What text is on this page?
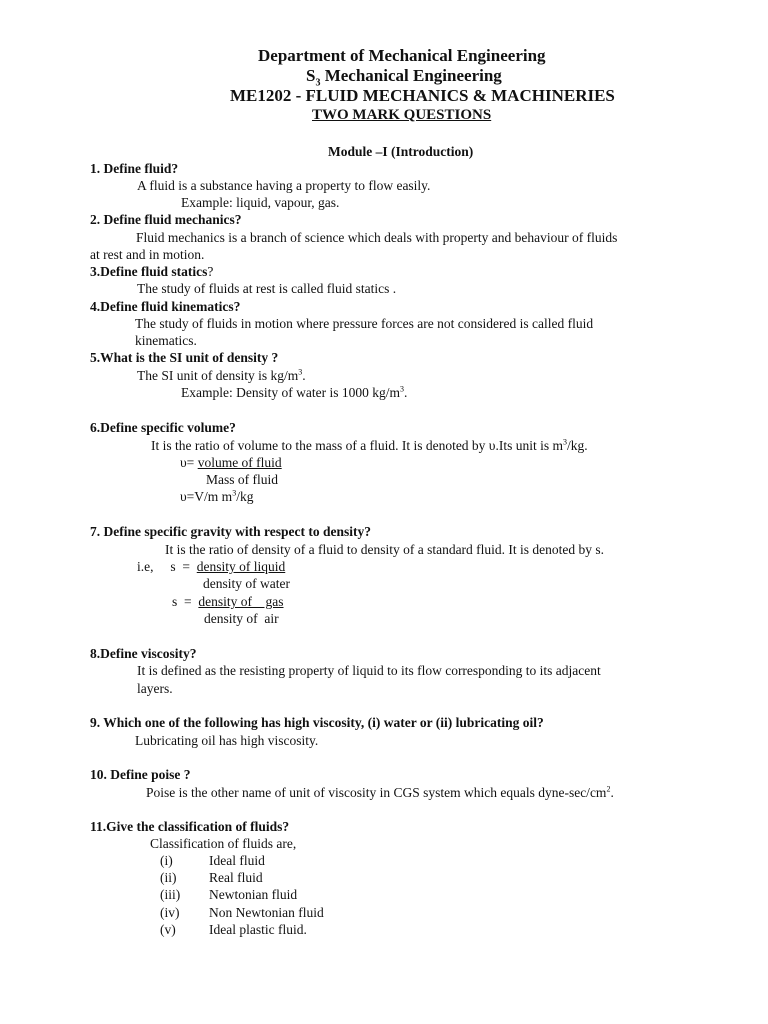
Department of Mechanical Engineering
$S_3$ Mechanical Engineering
ME1202 - FLUID MECHANICS & MACHINERIES
TWO MARK QUESTIONS
Module –I (Introduction)
1. Define fluid?
A fluid is a substance having a property to flow easily.
Example: liquid, vapour, gas.
2. Define fluid mechanics?
Fluid mechanics is a branch of science which deals with property and behaviour of fluids
at rest and in motion.
3.Define fluid statics?
The study of fluids at rest is called fluid statics .
4.Define fluid kinematics?
The study of fluids in motion where pressure forces are not considered is called fluid
kinematics.
5.What is the SI unit of density ?
The SI unit of density is $kg/m^3$.
Example: Density of water is 1000 $kg/m^3$.
6.Define specific volume?
It is the ratio of volume to the mass of a fluid. It is denoted by υ.Its unit is $m^3/kg$.
υ= volume of fluid
Mass of fluid
υ=V/m $m^3/kg$
7. Define specific gravity with respect to density?
It is the ratio of density of a fluid to density of a standard fluid. It is denoted by s.
i.e,     s  =  density of liquid
density of water
s  =  density of    gas
density of  air
8.Define viscosity?
It is defined as the resisting property of liquid to its flow corresponding to its adjacent
layers.
9. Which one of the following has high viscosity, (i) water or (ii) lubricating oil?
Lubricating oil has high viscosity.
10. Define poise ?
Poise is the other name of unit of viscosity in CGS system which equals dyne-$\sec/cm^2$.
11.Give the classification of fluids?
Classification of fluids are,
(i)	Ideal fluid
(ii) Real fluid
(iii) Newtonian fluid
(iv) Non Newtonian fluid
(v) Ideal plastic fluid.
